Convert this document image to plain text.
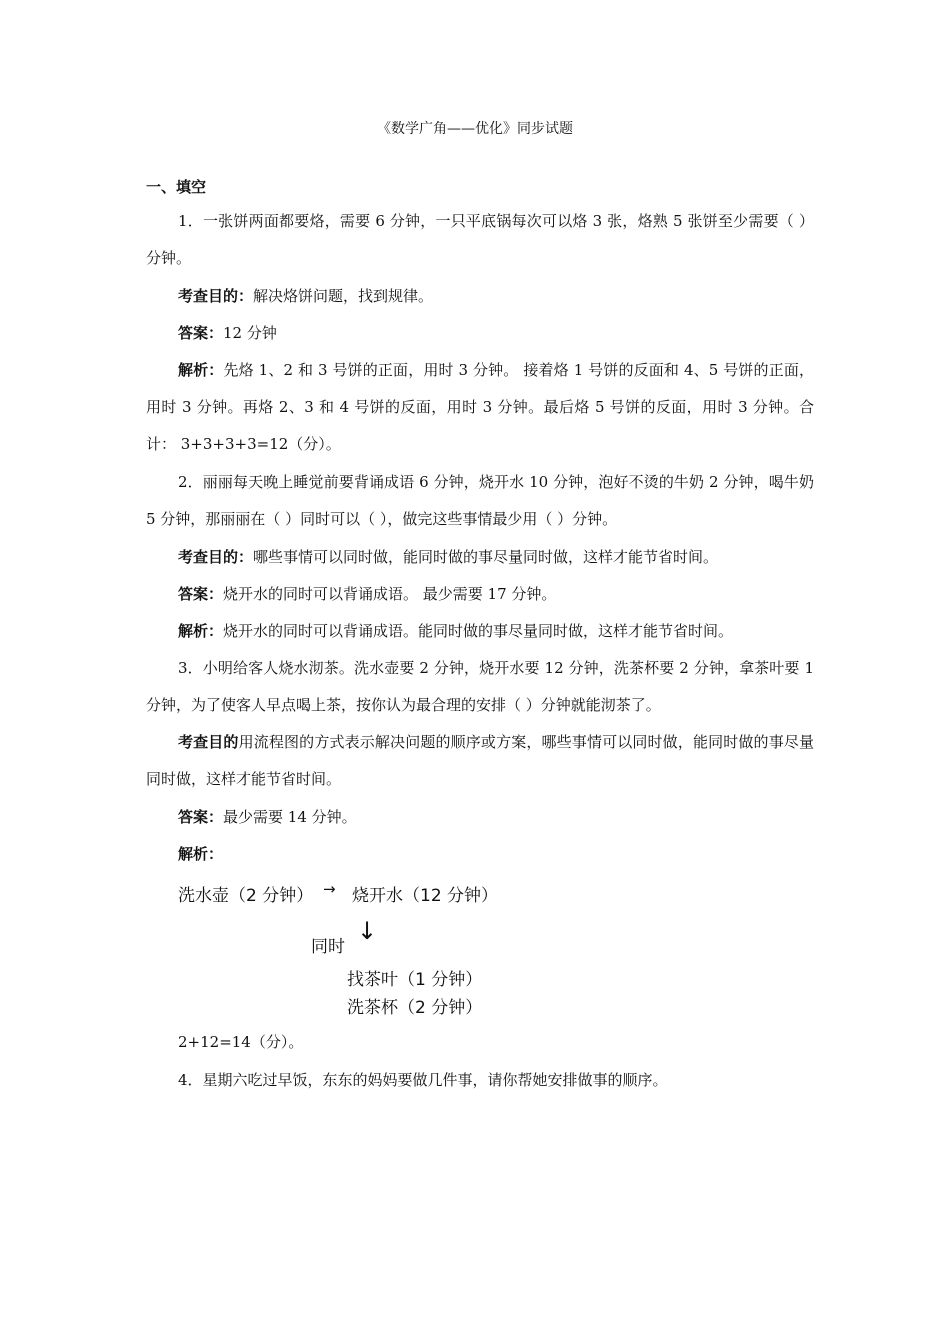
《数学广角——优化》同步试题
一、填空
1．一张饼两面都要烙，需要 6 分钟，一只平底锅每次可以烙 3 张，烙熟 5 张饼至少需要（ ）分钟。
考查目的：解决烙饼问题，找到规律。
答案：12 分钟
解析：先烙 1、2 和 3 号饼的正面，用时 3 分钟。 接着烙 1 号饼的反面和 4、5 号饼的正面，用时 3 分钟。再烙 2、3 和 4 号饼的反面，用时 3 分钟。最后烙 5 号饼的反面，用时 3 分钟。合计： 3+3+3+3=12（分）。
2．丽丽每天晚上睡觉前要背诵成语 6 分钟，烧开水 10 分钟，泡好不烫的牛奶 2 分钟，喝牛奶 5 分钟，那丽丽在（ ）同时可以（ ），做完这些事情最少用（ ）分钟。
考查目的：哪些事情可以同时做，能同时做的事尽量同时做，这样才能节省时间。
答案：烧开水的同时可以背诵成语。 最少需要 17 分钟。
解析：烧开水的同时可以背诵成语。能同时做的事尽量同时做，这样才能节省时间。
3．小明给客人烧水沏茶。洗水壶要 2 分钟，烧开水要 12 分钟，洗茶杯要 2 分钟，拿茶叶要 1 分钟，为了使客人早点喝上茶，按你认为最合理的安排（ ）分钟就能沏茶了。
考查目的用流程图的方式表示解决问题的顺序或方案，哪些事情可以同时做，能同时做的事尽量同时做，这样才能节省时间。
答案：最少需要 14 分钟。
解析：
洗水壶（2 分钟） → 烧开水（12 分钟）
同时
↓
找茶叶（1 分钟）
洗茶杯（2 分钟）
2+12=14（分）。
4．星期六吃过早饭，东东的妈妈要做几件事，请你帮她安排做事的顺序。
